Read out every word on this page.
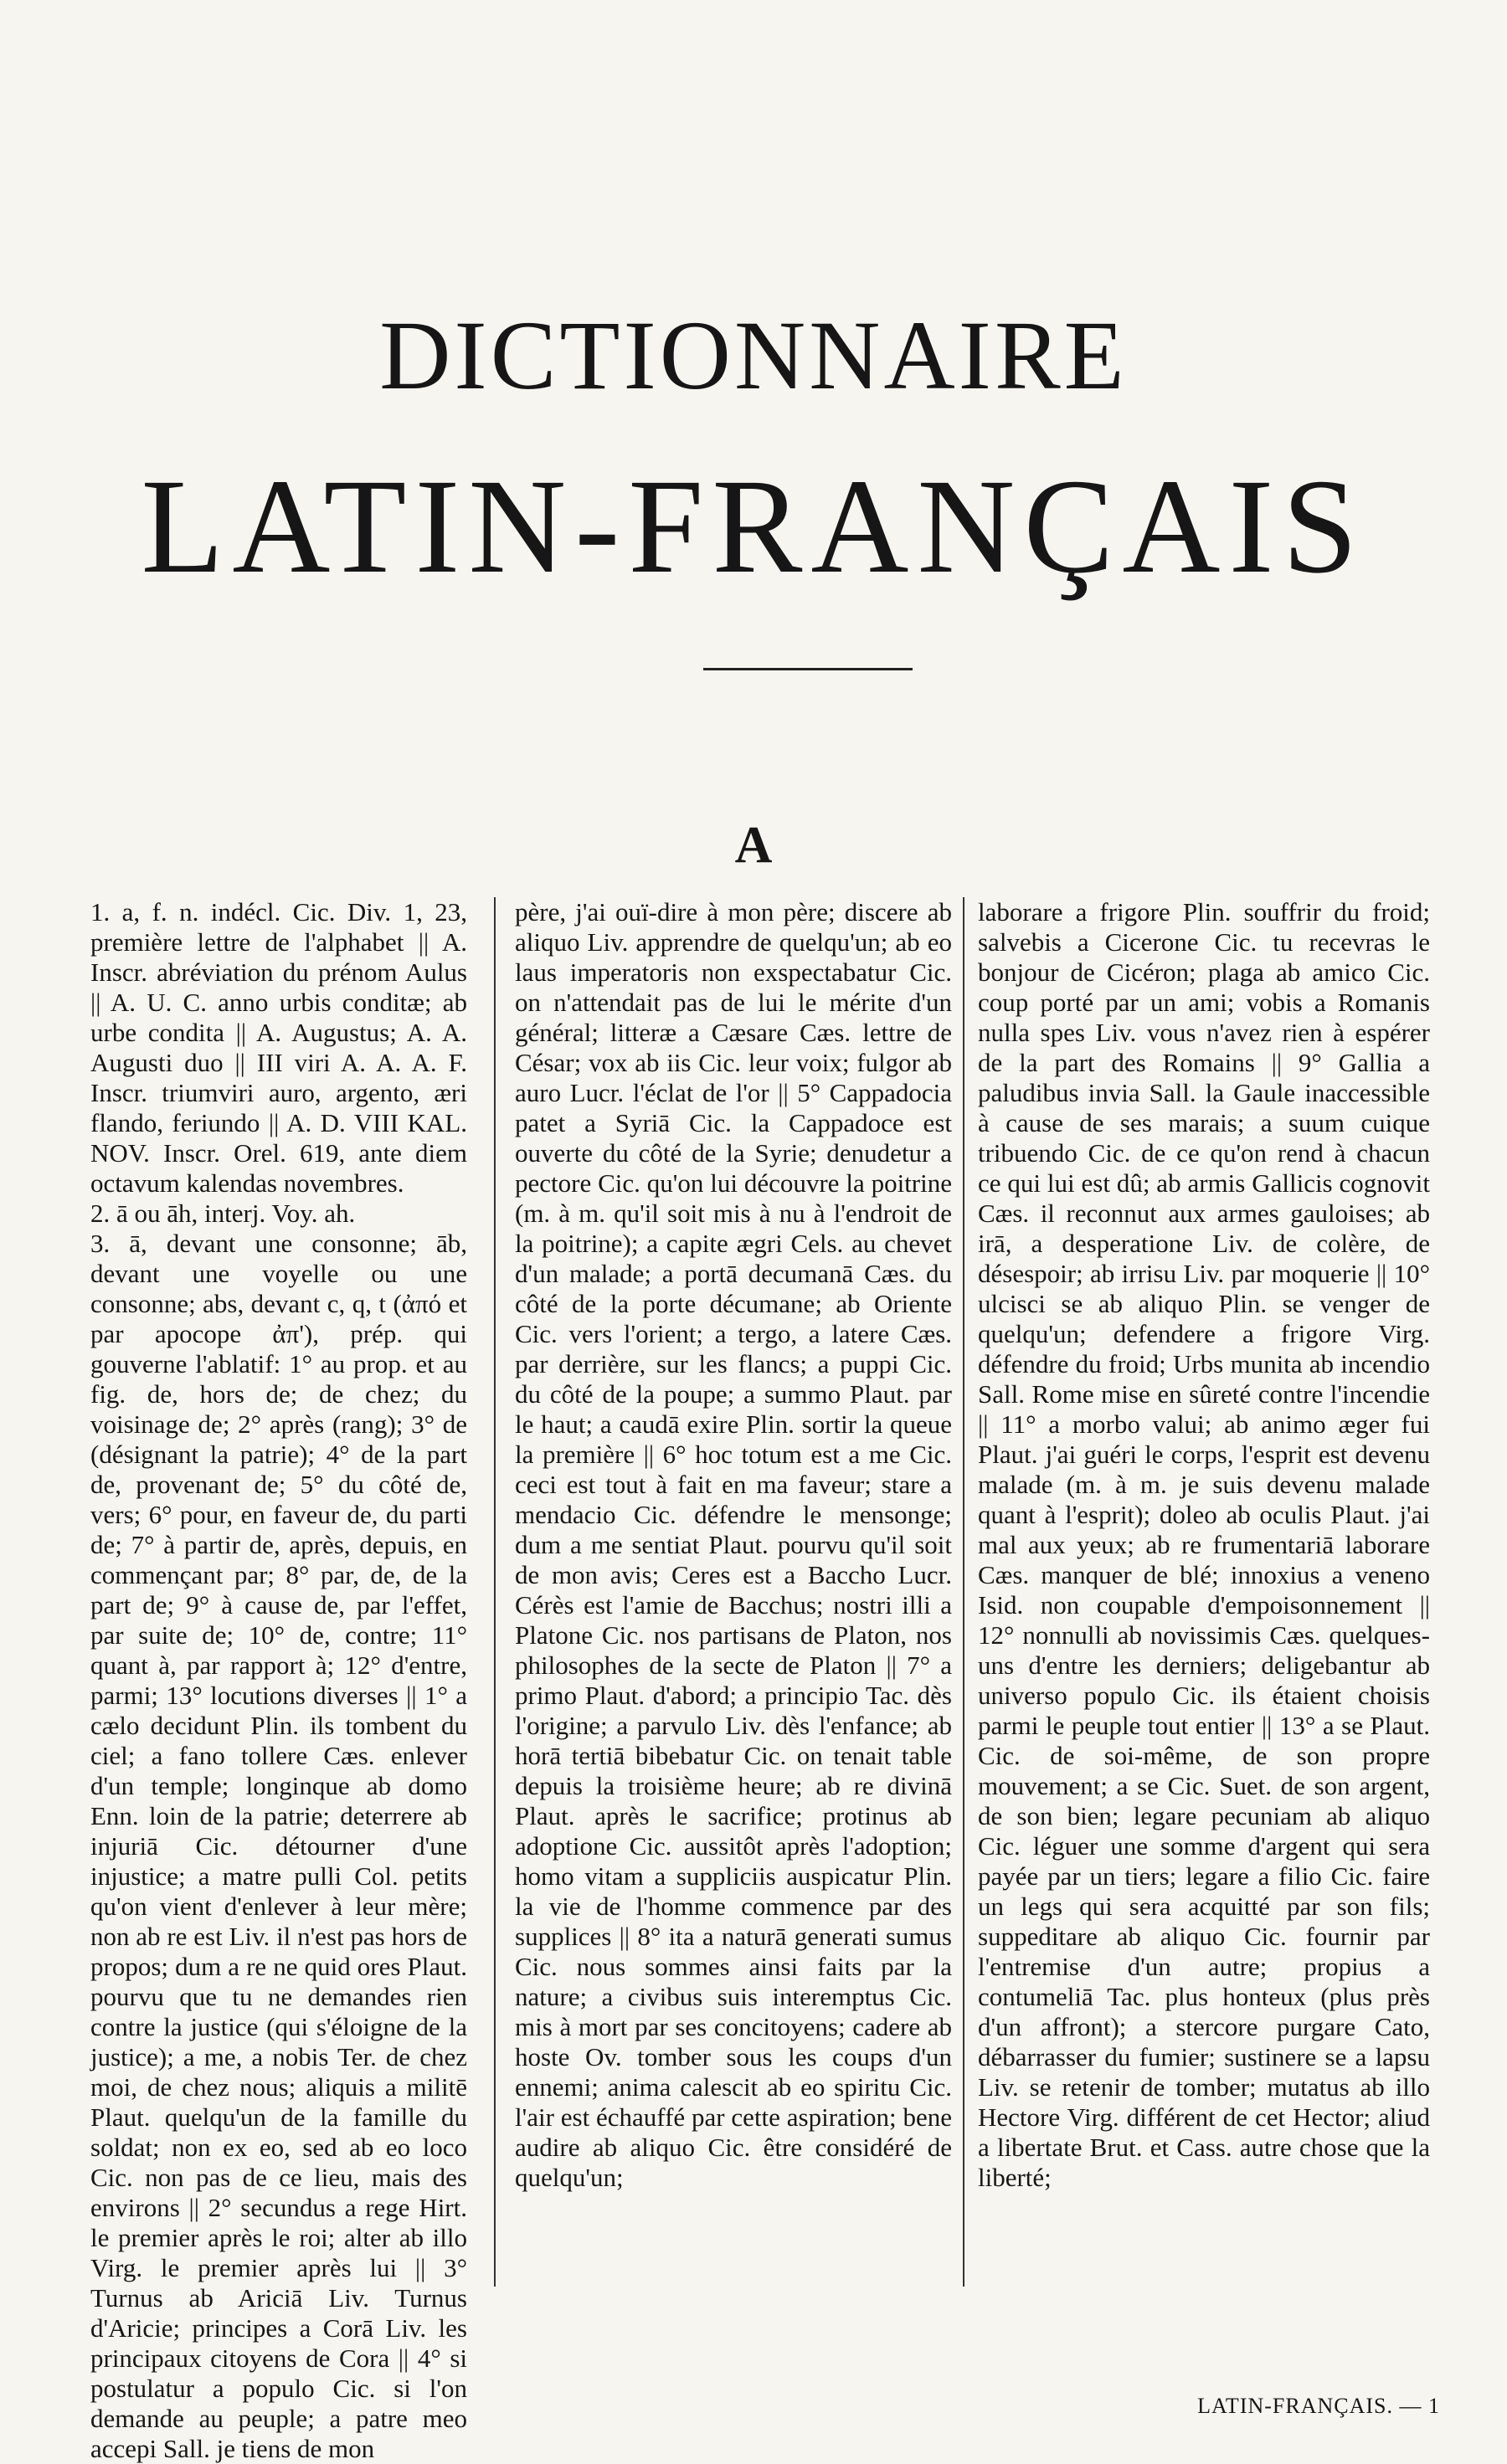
DICTIONNAIRE
LATIN-FRANÇAIS
A

1. a, f. n. indécl. Cic. Div. 1, 23, première lettre de l'alphabet || A. Inscr. abréviation du prénom Aulus || A. U. C. anno urbis conditæ; ab urbe condita || A. Augustus; A. A. Augusti duo || III viri A. A. A. F. Inscr. triumviri auro, argento, æri flando, feriundo || A. D. VIII KAL. NOV. Inscr. Orel. 619, ante diem octavum kalendas novembres.

2. ā ou āh, interj. Voy. ah.

3. ā, devant une consonne; āb, devant une voyelle ou une consonne; abs, devant c, q, t (ἀπό et par apocope ἀπ'), prép. qui gouverne l'ablatif: 1° au prop. et au fig. de, hors de; de chez; du voisinage de; 2° après (rang); 3° de (désignant la patrie); 4° de la part de, provenant de; 5° du côté de, vers; 6° pour, en faveur de, du parti de; 7° à partir de, après, depuis, en commençant par; 8° par, de, de la part de; 9° à cause de, par l'effet, par suite de; 10° de, contre; 11° quant à, par rapport à; 12° d'entre, parmi; 13° locutions diverses || 1° a cælo decidunt Plin. ils tombent du ciel; a fano tollere Cæs. enlever d'un temple; longinque ab domo Enn. loin de la patrie; deterrere ab injuriā Cic. détourner d'une injustice; a matre pulli Col. petits qu'on vient d'enlever à leur mère; non ab re est Liv. il n'est pas hors de propos; dum a re ne quid ores Plaut. pourvu que tu ne demandes rien contre la justice (qui s'éloigne de la justice); a me, a nobis Ter. de chez moi, de chez nous; aliquis a militē Plaut. quelqu'un de la famille du soldat; non ex eo, sed ab eo loco Cic. non pas de ce lieu, mais des environs || 2° secundus a rege Hirt. le premier après le roi; alter ab illo Virg. le premier après lui || 3° Turnus ab Ariciā Liv. Turnus d'Aricie; principes a Corā Liv. les principaux citoyens de Cora || 4° si postulatur a populo Cic. si l'on demande au peuple; a patre meo accepi Sall. je tiens de mon

père, j'ai ouï-dire à mon père; discere ab aliquo Liv. apprendre de quelqu'un; ab eo laus imperatoris non exspectabatur Cic. on n'attendait pas de lui le mérite d'un général; litteræ a Cæsare Cæs. lettre de César; vox ab iis Cic. leur voix; fulgor ab auro Lucr. l'éclat de l'or || 5° Cappadocia patet a Syriā Cic. la Cappadoce est ouverte du côté de la Syrie; denudetur a pectore Cic. qu'on lui découvre la poitrine (m. à m. qu'il soit mis à nu à l'endroit de la poitrine); a capite ægri Cels. au chevet d'un malade; a portā decumanā Cæs. du côté de la porte décumane; ab Oriente Cic. vers l'orient; a tergo, a latere Cæs. par derrière, sur les flancs; a puppi Cic. du côté de la poupe; a summo Plaut. par le haut; a caudā exire Plin. sortir la queue la première || 6° hoc totum est a me Cic. ceci est tout à fait en ma faveur; stare a mendacio Cic. défendre le mensonge; dum a me sentiat Plaut. pourvu qu'il soit de mon avis; Ceres est a Baccho Lucr. Cérès est l'amie de Bacchus; nostri illi a Platone Cic. nos partisans de Platon, nos philosophes de la secte de Platon || 7° a primo Plaut. d'abord; a principio Tac. dès l'origine; a parvulo Liv. dès l'enfance; ab horā tertiā bibebatur Cic. on tenait table depuis la troisième heure; ab re divinā Plaut. après le sacrifice; protinus ab adoptione Cic. aussitôt après l'adoption; homo vitam a suppliciis auspicatur Plin. la vie de l'homme commence par des supplices || 8° ita a naturā generati sumus Cic. nous sommes ainsi faits par la nature; a civibus suis interemptus Cic. mis à mort par ses concitoyens; cadere ab hoste Ov. tomber sous les coups d'un ennemi; anima calescit ab eo spiritu Cic. l'air est échauffé par cette aspiration; bene audire ab aliquo Cic. être considéré de quelqu'un;

laborare a frigore Plin. souffrir du froid; salvebis a Cicerone Cic. tu recevras le bonjour de Cicéron; plaga ab amico Cic. coup porté par un ami; vobis a Romanis nulla spes Liv. vous n'avez rien à espérer de la part des Romains || 9° Gallia a paludibus invia Sall. la Gaule inaccessible à cause de ses marais; a suum cuique tribuendo Cic. de ce qu'on rend à chacun ce qui lui est dû; ab armis Gallicis cognovit Cæs. il reconnut aux armes gauloises; ab irā, a desperatione Liv. de colère, de désespoir; ab irrisu Liv. par moquerie || 10° ulcisci se ab aliquo Plin. se venger de quelqu'un; defendere a frigore Virg. défendre du froid; Urbs munita ab incendio Sall. Rome mise en sûreté contre l'incendie || 11° a morbo valui; ab animo æger fui Plaut. j'ai guéri le corps, l'esprit est devenu malade (m. à m. je suis devenu malade quant à l'esprit); doleo ab oculis Plaut. j'ai mal aux yeux; ab re frumentariā laborare Cæs. manquer de blé; innoxius a veneno Isid. non coupable d'empoisonnement || 12° nonnulli ab novissimis Cæs. quelques-uns d'entre les derniers; deligebantur ab universo populo Cic. ils étaient choisis parmi le peuple tout entier || 13° a se Plaut. Cic. de soi-même, de son propre mouvement; a se Cic. Suet. de son argent, de son bien; legare pecuniam ab aliquo Cic. léguer une somme d'argent qui sera payée par un tiers; legare a filio Cic. faire un legs qui sera acquitté par son fils; suppeditare ab aliquo Cic. fournir par l'entremise d'un autre; propius a contumeliā Tac. plus honteux (plus près d'un affront); a stercore purgare Cato, débarrasser du fumier; sustinere se a lapsu Liv. se retenir de tomber; mutatus ab illo Hectore Virg. différent de cet Hector; aliud a libertate Brut. et Cass. autre chose que la liberté;

LATIN-FRANÇAIS. — 1
